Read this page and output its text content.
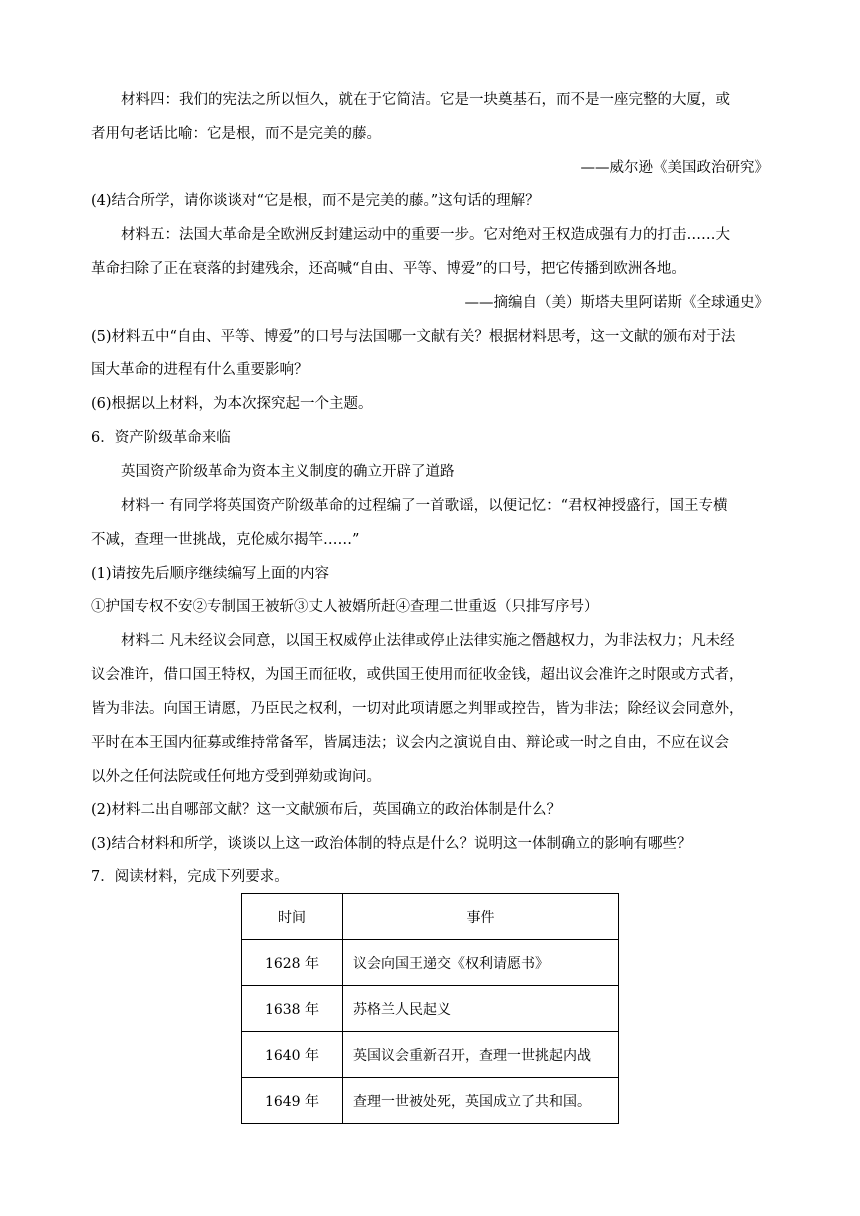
材料四：我们的宪法之所以恒久，就在于它简洁。它是一块奠基石，而不是一座完整的大厦，或
者用句老话比喻：它是根，而不是完美的藤。
——威尔逊《美国政治研究》
(4)结合所学，请你谈谈对“它是根，而不是完美的藤。”这句话的理解？
材料五：法国大革命是全欧洲反封建运动中的重要一步。它对绝对王权造成强有力的打击……大
革命扫除了正在衰落的封建残余，还高喊“自由、平等、博爱”的口号，把它传播到欧洲各地。
——摘编自（美）斯塔夫里阿诺斯《全球通史》
(5)材料五中“自由、平等、博爱”的口号与法国哪一文献有关？根据材料思考，这一文献的颁布对于法
国大革命的进程有什么重要影响？
(6)根据以上材料，为本次探究起一个主题。
6．资产阶级革命来临
英国资产阶级革命为资本主义制度的确立开辟了道路
材料一 有同学将英国资产阶级革命的过程编了一首歌谣，以便记忆：“君权神授盛行，国王专横
不减，查理一世挑战，克伦威尔揭竿……”
(1)请按先后顺序继续编写上面的内容
①护国专权不安②专制国王被斩③丈人被婿所赶④查理二世重返（只排写序号）
材料二 凡未经议会同意，以国王权威停止法律或停止法律实施之僭越权力，为非法权力；凡未经
议会准许，借口国王特权，为国王而征收，或供国王使用而征收金钱，超出议会准许之时限或方式者，
皆为非法。向国王请愿，乃臣民之权利，一切对此项请愿之判罪或控告，皆为非法；除经议会同意外，
平时在本王国内征募或维持常备军，皆属违法；议会内之演说自由、辩论或一时之自由，不应在议会
以外之任何法院或任何地方受到弹劾或询问。
(2)材料二出自哪部文献？这一文献颁布后，英国确立的政治体制是什么？
(3)结合材料和所学，谈谈以上这一政治体制的特点是什么？说明这一体制确立的影响有哪些？
7．阅读材料，完成下列要求。
时间	事件
1628 年	议会向国王递交《权利请愿书》
1638 年	苏格兰人民起义
1640 年	英国议会重新召开，查理一世挑起内战
1649 年	查理一世被处死，英国成立了共和国。
